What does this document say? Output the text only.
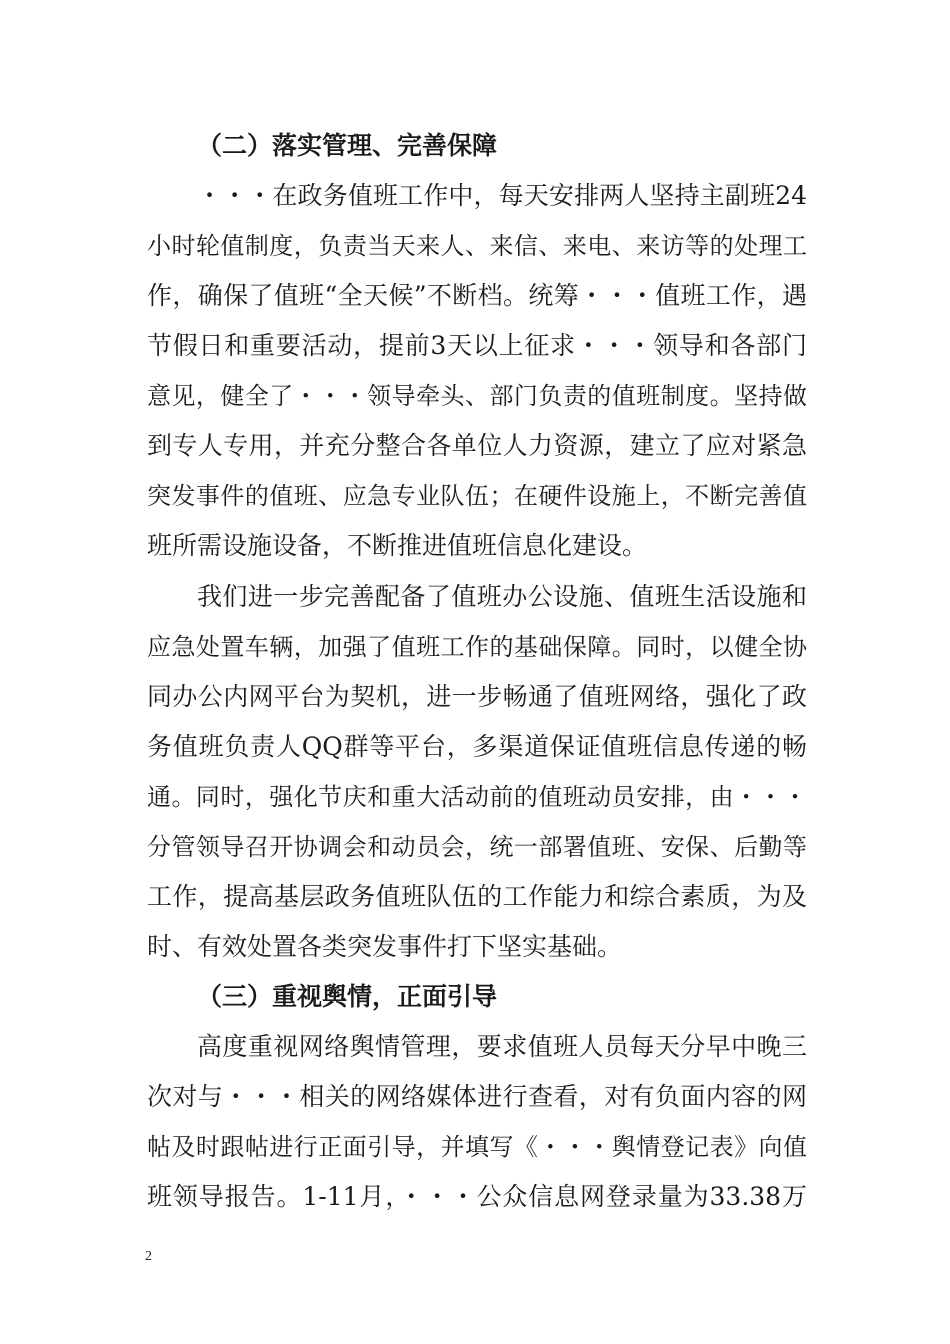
（二）落实管理、完善保障
・・・在政务值班工作中，每天安排两人坚持主副班24
小时轮值制度，负责当天来人、来信、来电、来访等的处理工
作，确保了值班“全天候”不断档。统筹・・・值班工作，遇
节假日和重要活动，提前3天以上征求・・・领导和各部门
意见，健全了・・・领导牵头、部门负责的值班制度。坚持做
到专人专用，并充分整合各单位人力资源，建立了应对紧急
突发事件的值班、应急专业队伍；在硬件设施上，不断完善值
班所需设施设备，不断推进值班信息化建设。
我们进一步完善配备了值班办公设施、值班生活设施和
应急处置车辆，加强了值班工作的基础保障。同时，以健全协
同办公内网平台为契机，进一步畅通了值班网络，强化了政
务值班负责人QQ群等平台，多渠道保证值班信息传递的畅
通。同时，强化节庆和重大活动前的值班动员安排，由・・・
分管领导召开协调会和动员会，统一部署值班、安保、后勤等
工作，提高基层政务值班队伍的工作能力和综合素质，为及
时、有效处置各类突发事件打下坚实基础。
（三）重视舆情，正面引导
高度重视网络舆情管理，要求值班人员每天分早中晚三
次对与・・・相关的网络媒体进行查看，对有负面内容的网
帖及时跟帖进行正面引导，并填写《・・・舆情登记表》向值
班领导报告。1-11月，・・・公众信息网登录量为33.38万
2
